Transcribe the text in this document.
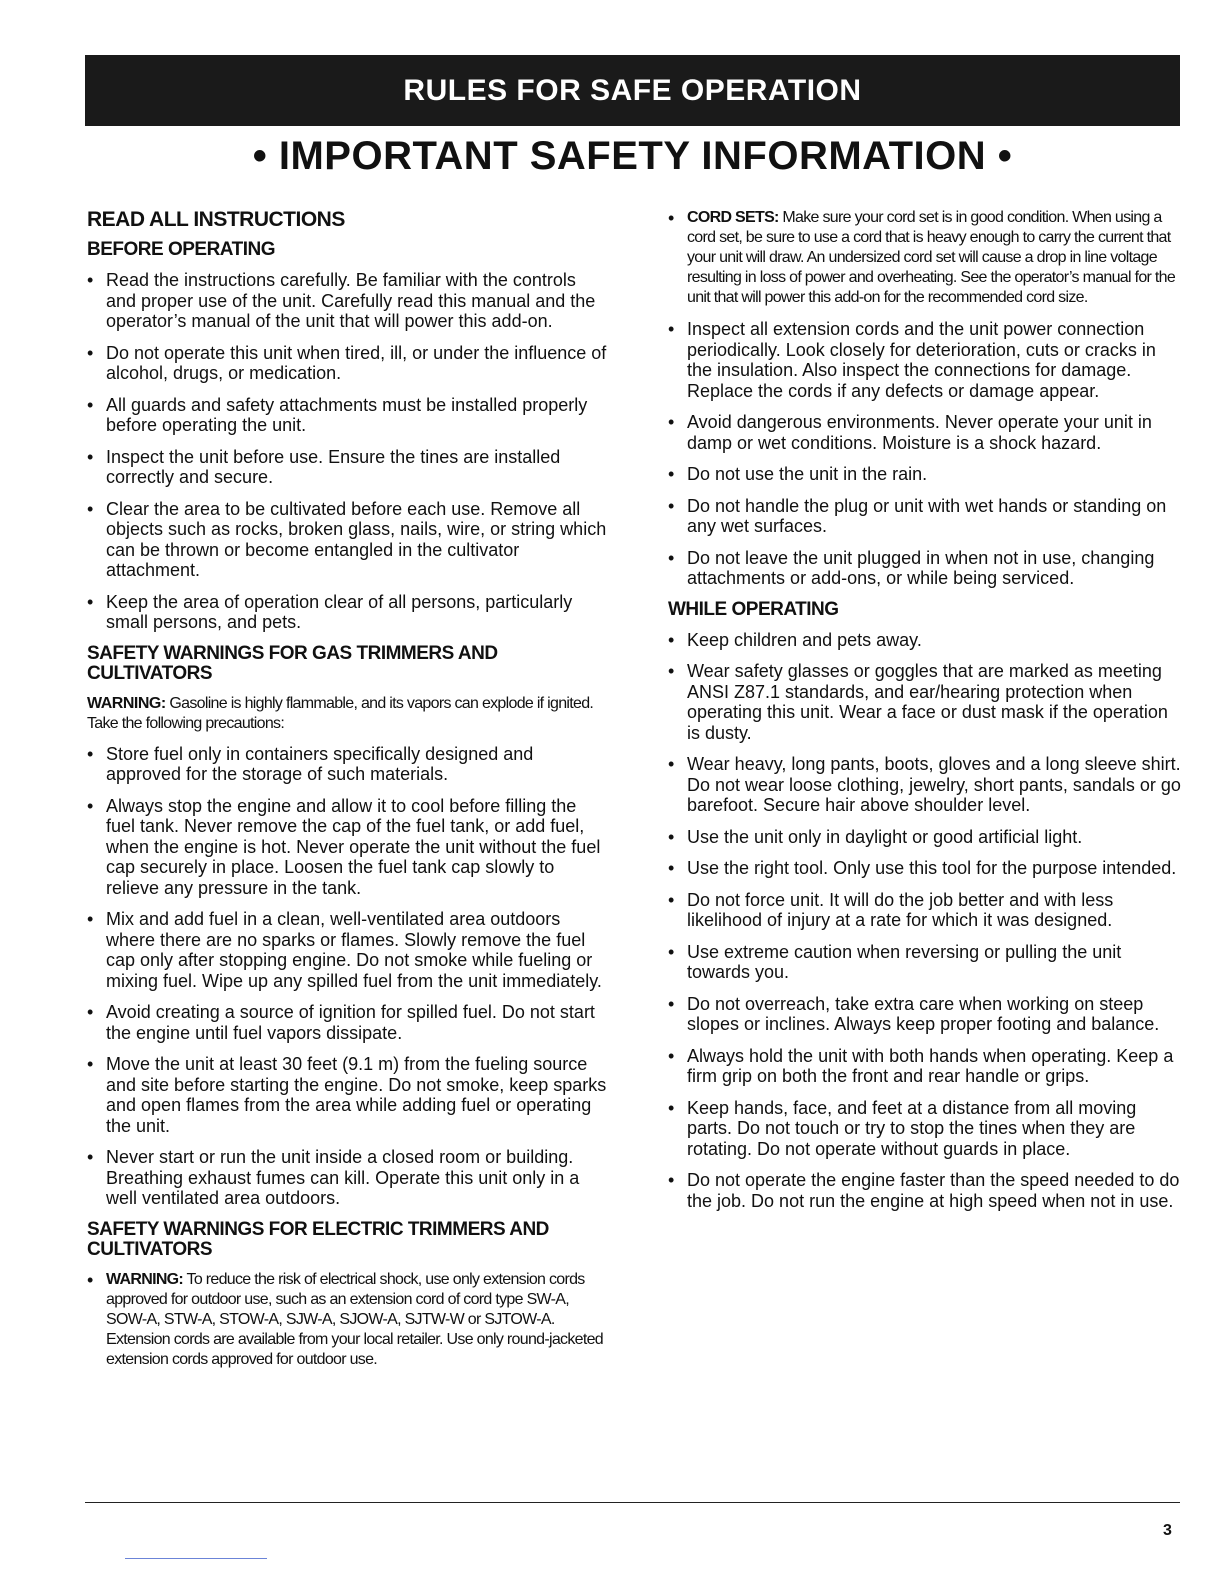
RULES FOR SAFE OPERATION
• IMPORTANT SAFETY INFORMATION •
READ ALL INSTRUCTIONS
BEFORE OPERATING
• Read the instructions carefully. Be familiar with the controls and proper use of the unit. Carefully read this manual and the operator’s manual of the unit that will power this add-on.
• Do not operate this unit when tired, ill, or under the influence of alcohol, drugs, or medication.
• All guards and safety attachments must be installed properly before operating the unit.
• Inspect the unit before use. Ensure the tines are installed correctly and secure.
• Clear the area to be cultivated before each use. Remove all objects such as rocks, broken glass, nails, wire, or string which can be thrown or become entangled in the cultivator attachment.
• Keep the area of operation clear of all persons, particularly small persons, and pets.
SAFETY WARNINGS FOR GAS TRIMMERS AND CULTIVATORS
WARNING: Gasoline is highly flammable, and its vapors can explode if ignited. Take the following precautions:
• Store fuel only in containers specifically designed and approved for the storage of such materials.
• Always stop the engine and allow it to cool before filling the fuel tank. Never remove the cap of the fuel tank, or add fuel, when the engine is hot. Never operate the unit without the fuel cap securely in place. Loosen the fuel tank cap slowly to relieve any pressure in the tank.
• Mix and add fuel in a clean, well-ventilated area outdoors where there are no sparks or flames. Slowly remove the fuel cap only after stopping engine. Do not smoke while fueling or mixing fuel. Wipe up any spilled fuel from the unit immediately.
• Avoid creating a source of ignition for spilled fuel. Do not start the engine until fuel vapors dissipate.
• Move the unit at least 30 feet (9.1 m) from the fueling source and site before starting the engine. Do not smoke, keep sparks and open flames from the area while adding fuel or operating the unit.
• Never start or run the unit inside a closed room or building. Breathing exhaust fumes can kill. Operate this unit only in a well ventilated area outdoors.
SAFETY WARNINGS FOR ELECTRIC TRIMMERS AND CULTIVATORS
• WARNING: To reduce the risk of electrical shock, use only extension cords approved for outdoor use, such as an extension cord of cord type SW-A, SOW-A, STW-A, STOW-A, SJW-A, SJOW-A, SJTW-W or SJTOW-A. Extension cords are available from your local retailer. Use only round-jacketed extension cords approved for outdoor use.
• CORD SETS: Make sure your cord set is in good condition. When using a cord set, be sure to use a cord that is heavy enough to carry the current that your unit will draw. An undersized cord set will cause a drop in line voltage resulting in loss of power and overheating. See the operator’s manual for the unit that will power this add-on for the recommended cord size.
• Inspect all extension cords and the unit power connection periodically. Look closely for deterioration, cuts or cracks in the insulation. Also inspect the connections for damage. Replace the cords if any defects or damage appear.
• Avoid dangerous environments. Never operate your unit in damp or wet conditions. Moisture is a shock hazard.
• Do not use the unit in the rain.
• Do not handle the plug or unit with wet hands or standing on any wet surfaces.
• Do not leave the unit plugged in when not in use, changing attachments or add-ons, or while being serviced.
WHILE OPERATING
• Keep children and pets away.
• Wear safety glasses or goggles that are marked as meeting ANSI Z87.1 standards, and ear/hearing protection when operating this unit. Wear a face or dust mask if the operation is dusty.
• Wear heavy, long pants, boots, gloves and a long sleeve shirt. Do not wear loose clothing, jewelry, short pants, sandals or go barefoot. Secure hair above shoulder level.
• Use the unit only in daylight or good artificial light.
• Use the right tool. Only use this tool for the purpose intended.
• Do not force unit. It will do the job better and with less likelihood of injury at a rate for which it was designed.
• Use extreme caution when reversing or pulling the unit towards you.
• Do not overreach, take extra care when working on steep slopes or inclines. Always keep proper footing and balance.
• Always hold the unit with both hands when operating. Keep a firm grip on both the front and rear handle or grips.
• Keep hands, face, and feet at a distance from all moving parts. Do not touch or try to stop the tines when they are rotating. Do not operate without guards in place.
• Do not operate the engine faster than the speed needed to do the job. Do not run the engine at high speed when not in use.
3
